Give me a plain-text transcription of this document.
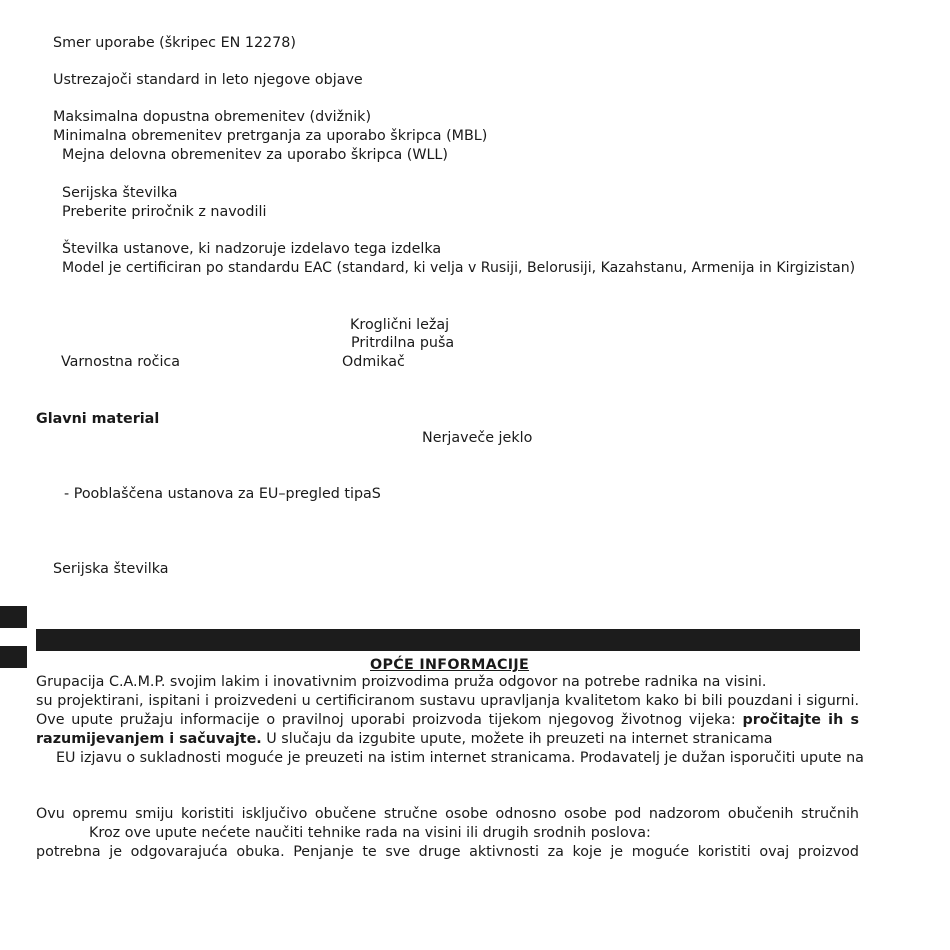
Smer uporabe (škripec EN 12278)
Ustrezajoči standard in leto njegove objave
Maksimalna dopustna obremenitev (dvižnik)
Minimalna obremenitev pretrganja za uporabo škripca (MBL)
Mejna delovna obremenitev za uporabo škripca (WLL)
Serijska številka
Preberite priročnik z navodili
Številka ustanove, ki nadzoruje izdelavo tega izdelka
Model je certificiran po standardu EAC (standard, ki velja v Rusiji, Belorusiji, Kazahstanu, Armenija in Kirgizistan)
Kroglični ležaj
Pritrdilna puša
Varnostna ročica	Odmikač
Glavni material
Nerjaveče jeklo
- Pooblaščena ustanova za EU–pregled tipaS
Serijska številka
OPĆE INFORMACIJE
Grupacija C.A.M.P. svojim lakim i inovativnim proizvodima pruža odgovor na potrebe radnika na visini.
su projektirani, ispitani i proizvedeni u certificiranom sustavu upravljanja kvalitetom kako bi bili pouzdani i sigurni.
Ove upute pružaju informacije o pravilnoj uporabi proizvoda tijekom njegovog životnog vijeka: pročitajte ih s
razumijevanjem i sačuvajte. U slučaju da izgubite upute, možete ih preuzeti na internet stranicama
EU izjavu o sukladnosti moguće je preuzeti na istim internet stranicama. Prodavatelj je dužan isporučiti upute na
Ovu opremu smiju koristiti isključivo obučene stručne osobe odnosno osobe pod nadzorom obučenih stručnih
Kroz ove upute nećete naučiti tehnike rada na visini ili drugih srodnih poslova:
potrebna je odgovarajuća obuka. Penjanje te sve druge aktivnosti za koje je moguće koristiti ovaj proizvod
